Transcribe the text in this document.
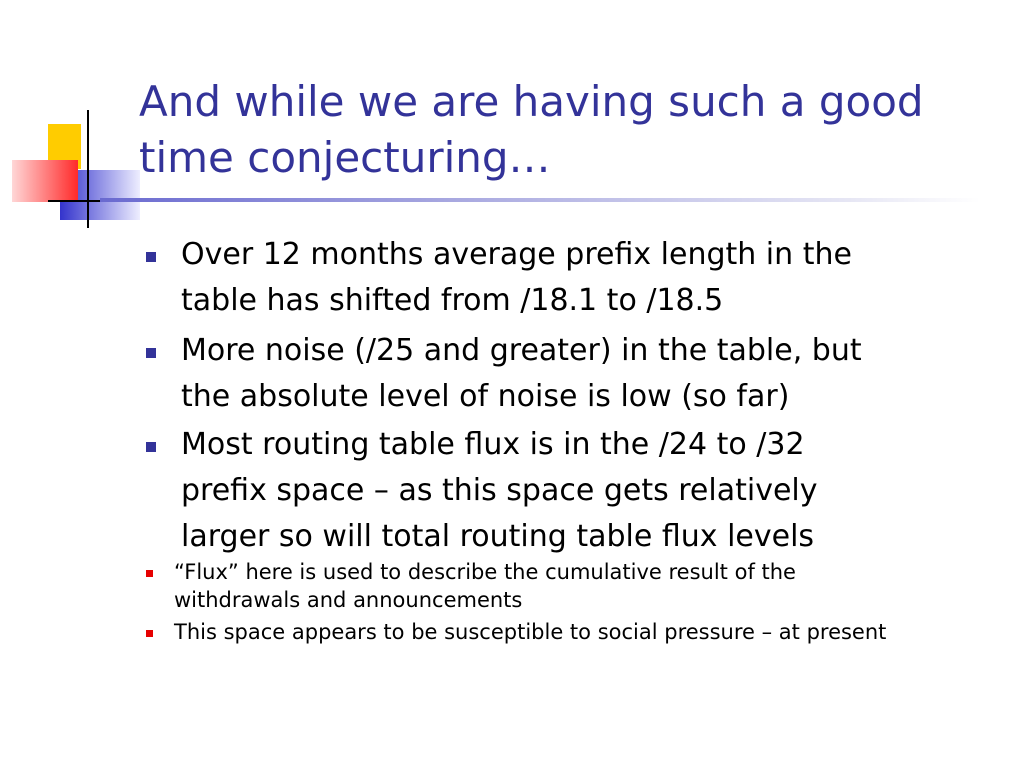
And while we are having such a good
time conjecturing…
Over 12 months average prefix length in the
table has shifted from /18.1 to /18.5
More noise (/25 and greater) in the table, but
the absolute level of noise is low (so far)
Most routing table flux is in the /24 to /32
prefix space – as this space gets relatively
larger so will total routing table flux levels
“Flux” here is used to describe the cumulative result of the
withdrawals and announcements
This space appears to be susceptible to social pressure – at present
